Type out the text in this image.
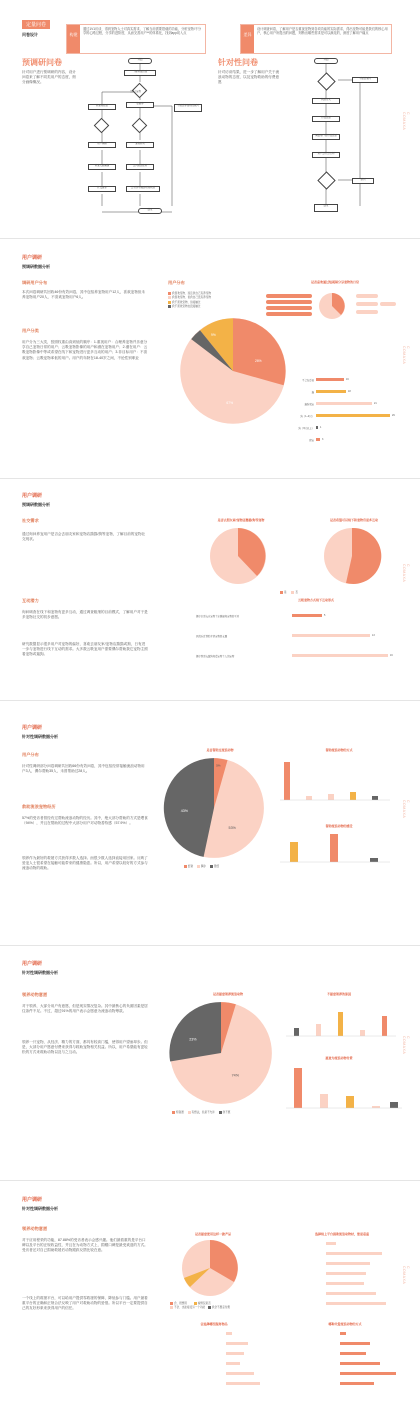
定量问卷
问卷设计	构建
通过1V1访谈、得到宠物人士对真实需求，了解当前需要搭载的功能，分析宠物/不分享的心路过程，分享的进阶度，从而完善用户**的体系化，找到app切入点	差异
设计调查问卷，了解用户是否重视宠物到各项功能的实际需求，得出宠物可能是我们的核心用户，核心用户所提出的问题，判断出哪些需求是可以满足的，深度了解用户痛点
预调研问卷
针对用户进行预调研的内容，设计问卷来了解不同类用户的态度，细分画像概况。
针对性问卷
针对访谈结果，进一步了解用户关于流浪动物的态度，以及宠物救助的付费意愿
开始
了解养宠情况
是否有宠物
养宠物数量
想要养
用户调研	宠物养育
养宠人群画像	是否愿意使用
社交需求	是否参与流浪动物救助
结束
不愿意养宠物的原因
开始
不愿意原因
救助方式
付费意愿
调查用户的付费意愿
用户是什么心理
原因
结束
C COMAXA
用户调研
预调研数据分析
调研用户分布
本次问卷调研共回收46份有效问卷，其中包括养宠物用户12人，喜欢宠物但未养宠物用户20人，不喜欢宠物用户6人。
用户分类
用户分为三大类，按照权重由高到低的顺序：1.重视用户：合理养宠物并乐意分享自己宠物日常的用户；云吸宠物影像的用户和潜在宠物用户；2.潜在用户：云吸宠物影像中等或希望在线下和宠物进行更多互动的用户；3.非目标用户：不喜欢宠物；云吸宠物率低的用户。用户的年龄在18-40岁之间，不论性别职业
用户分布
我喜欢宠物、而且我自己有养宠物
我喜欢宠物、但我自己没有养宠物
我不喜欢宠物、但接触过
我不喜欢宠物也没接触过
26%
67%
9%
是否喜欢通过短视频分享宠物的日常
不会在意他	16
猫	18
猫狗双宠	21
狗（1~2只）	29
狗（3只以上）	1
爬宠	3
C COMAXA
用户调研
预调研数据分析
社交需求
通过询问养宠用户是否会去朋友家和宠物店撸猫/狗等宠物，了解目前的宠物社交现状。
是否去朋友家/宠物店撸猫/狗等宠物	是否希望可以线下和宠物有更多互动
是	否
互动潜力
询问调查在线下和宠物有更多互动，通过调查粗细的目前模式，了解用户对于是多宠物社交的初步意愿。
研究数据显示很多用户对宠物的偏好，喜欢去朋友家/宠物店撸猫或狗，日有进一步与宠物进行线下互动的需求。大多数云吸宠用户需要偶尔帮助我它宠物主照看宠物或遛狗。
云吸宠物方式线下互动形式
偶尔去朋友家宠物主家撸猫和宠物的互动	5
我很乐意帮助介绍宠物朋友圈	13
偶尔帮朋友遛狗和看宠物主人的宠物	16
C COMAXA
用户调研
针对性调研数据分析
用户分布
针对性调研部分问卷调研共回收66份有效问卷，其中包括经常接触流浪动物用户3人，偶尔帮助35人，未曾帮助过28人。
救助流浪宠物经历
57%的受访者曾经有过帮助流浪动物的经历。其中，绝大部分帮助的方式是喂食（94%），并且在帮助的过程中大部分用户对动物善待感（57.9%）。
领养作为最好的救援方式获得多数人选择。而很少数人选择直接用回家。反映了爱宠人士很希望在接触可能带来的健康隐患。所以，用户希望以较好的方式参与流浪动物的救助。
是否帮助过流浪动物
53%
43%
5%
经常	偶尔	曾经
帮助流浪动物的方式
帮助流浪动物的感受
C COMAXA
用户调研
针对性调研数据分析
领养动物意愿
对于领养，大部分用户有意愿，但是现实情况复杂。其中最核心的负面因素是居住条件不足。不过，超过91%的用户表示会愿意为流浪动物筹款。
领养一只宠物，从经济、精力的方面，都具有较高门槛，使得用户望而却步。但是，大部分用户愿意付费来获得与救助宠物相关权益。所以，用户希望能有更轻松的方式来救助动物以及与之互动。
是否愿意领养流浪动物
74%
23%
特别愿	有想法，但是不允许	我不愿
不愿意领养的原因
愿意为流浪动物付费
C COMAXA
用户调研
针对性调研数据分析
领养动物意愿
对于应用程采的功能，87.88%的受访者表示会感兴趣。他们最看重的是平台口碑以及平台的正规收益性，并且在为动物方式上，捐赠口碑是最受欢迎的方式。受访者还对自己捐助救援后动物跟踪反馈比较在意。
一个线上的救援平台，可以给用户提供零救援的保障，降低参与门槛。用户最看重平台的正确和正规合法反映了用户对救助动物的爱惜。所以平台一定要提供自己的友好形象来获得用户的信任。
是否愿意使用这样一款产品
会、很想用	看情况是否
不会、也能接受另一个功能	我会不愿意付费
选择线上平台捐助流浪动物时，您更看重
会选择哪些服务物品	哪种关爱流浪动物的方式
C COMAXA
